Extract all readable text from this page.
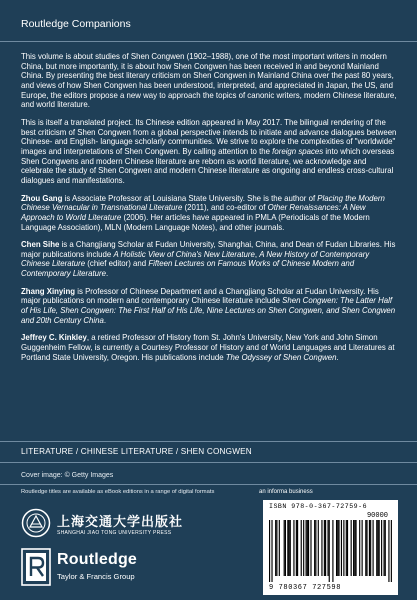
Routledge Companions

This volume is about studies of Shen Congwen (1902–1988), one of the most important writers in modern China, but more importantly, it is about how Shen Congwen has been received in and beyond Mainland China. By presenting the best literary criticism on Shen Congwen in Mainland China over the past 80 years, and views of how Shen Congwen has been understood, interpreted, and appreciated in Japan, the US, and Europe, the editors propose a new way to approach the topics of canonic writers, modern Chinese literature, and world literature.

This is itself a translated project. Its Chinese edition appeared in May 2017. The bilingual rendering of the best criticism of Shen Congwen from a global perspective intends to initiate and advance dialogues between Chinese- and English- language scholarly communities. We strive to explore the complexities of "worldwide" images and interpretations of Shen Congwen. By calling attention to the foreign spaces into which overseas Shen Congwens and modern Chinese literature are reborn as world literature, we acknowledge and celebrate the study of Shen Congwen and modern Chinese literature as ongoing and endless cross-cultural dialogues and manifestations.

Zhou Gang is Associate Professor at Louisiana State University. She is the author of Placing the Modern Chinese Vernacular in Transnational Literature (2011), and co-editor of Other Renaissances: A New Approach to World Literature (2006). Her articles have appeared in PMLA (Periodicals of the Modern Language Association), MLN (Modern Language Notes), and other journals.

Chen Sihe is a Changjiang Scholar at Fudan University, Shanghai, China, and Dean of Fudan Libraries. His major publications include A Holistic View of China's New Literature, A New History of Contemporary Chinese Literature (chief editor) and Fifteen Lectures on Famous Works of Chinese Modern and Contemporary Literature.

Zhang Xinying is Professor of Chinese Department and a Changjiang Scholar at Fudan University. His major publications on modern and contemporary Chinese literature include Shen Congwen: The Latter Half of His Life, Shen Congwen: The First Half of His Life, Nine Lectures on Shen Congwen, and Shen Congwen and 20th Century China.

Jeffrey C. Kinkley, a retired Professor of History from St. John's University, New York and John Simon Guggenheim Fellow, is currently a Courtesy Professor of History and of World Languages and Literatures at Portland State University, Oregon. His publications include The Odyssey of Shen Congwen.

LITERATURE / CHINESE LITERATURE / SHEN CONGWEN
Cover image: © Getty Images
Routledge titles are available as eBook editions in a range of digital formats
上海交通大学出版社
SHANGHAI JIAO TONG UNIVERSITY PRESS
Routledge
Taylor & Francis Group
an informa business
ISBN 978-0-367-72759-6
90000
9 780367 727598
